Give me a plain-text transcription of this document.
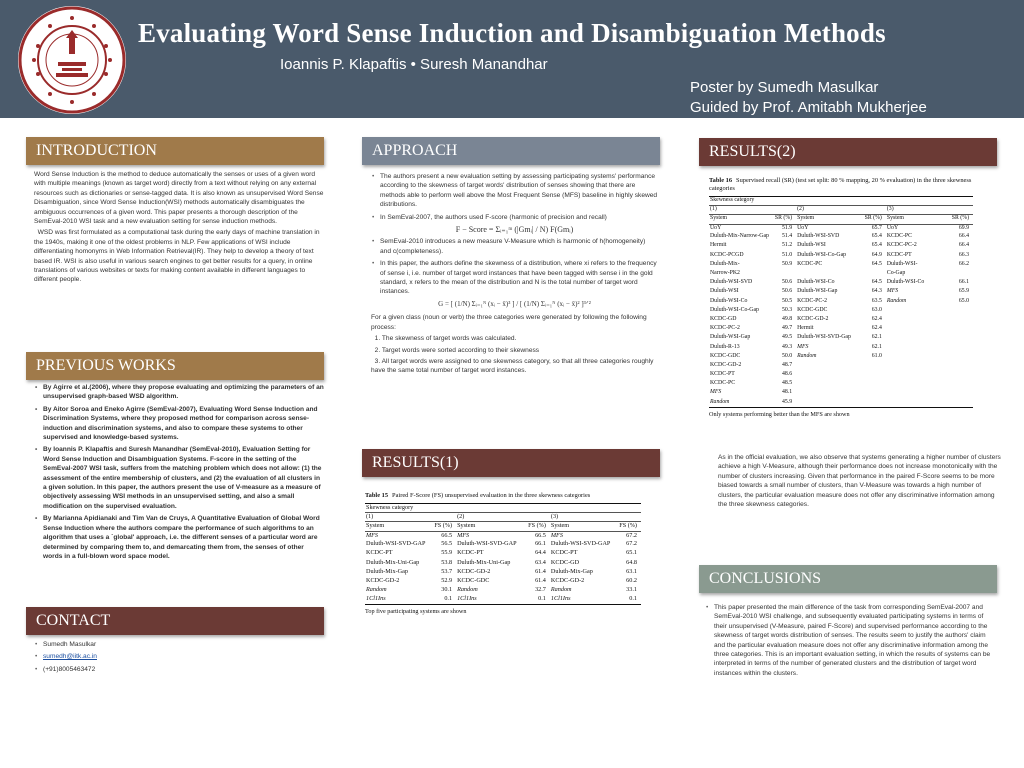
Evaluating Word Sense Induction and Disambiguation Methods
Ioannis P. Klapaftis • Suresh Manandhar
Poster by Sumedh Masulkar
Guided by Prof. Amitabh Mukherjee
INTRODUCTION

Word Sense Induction is the method to deduce automatically the senses or uses of a given word with multiple meanings (known as target word) directly from a text without relying on any external resources such as dictionaries or sense-tagged data. It is also known as unsupervised Word Sense Disambiguation, since Word Sense Induction(WSI) methods automatically disambiguates the ambiguous occurrences of a given word. This paper presents a thorough description of the SemEval-2010 WSI task and a new evaluation setting for sense induction methods.

WSD was first formulated as a computational task during the early days of machine translation in the 1940s, making it one of the oldest problems in NLP. Few applications of WSI include differentiating homonyms in Web Information Retrieval(IR). They help to develop a theory of text based IR. WSI is also useful in various search engines to get better results for a query, in online translations of various websites or texts for making content available in different languages to different people.

PREVIOUS WORKS
• By Agirre et al.(2006), where they propose evaluating and optimizing the parameters of an unsupervised graph-based WSD algorithm.
• By Aitor Soroa and Eneko Agirre (SemEval-2007), Evaluating Word Sense Induction and Discrimination Systems, where they proposed method for comparison across sense-induction and discrimination systems, and also to compare these systems to other supervised and knowledge-based systems.
• By Ioannis P. Klapaftis and Suresh Manandhar (SemEval-2010), Evaluation Setting for Word Sense Induction and Disambiguation Systems. F-score in the setting of the SemEval-2007 WSI task, suffers from the matching problem which does not allow: (1) the assessment of the entire membership of clusters, and (2) the evaluation of all clusters in a given solution. In this paper, the authors present the use of V-measure as a measure of objectively assessing WSI methods in an unsupervised setting, and also a small modification on the supervised evaluation.
• By Marianna Apidianaki and Tim Van de Cruys, A Quantitative Evaluation of Global Word Sense Induction where the authors compare the performance of such algorithms to an algorithm that uses a `global' approach, i.e. the different senses of a particular word are determined by comparing them to, and demarcating them from, the senses of other words in a full-blown word space model.
CONTACT
• Sumedh Masulkar
• sumedh@iitk.ac.in
• (+91)8005463472
APPROACH
• The authors present a new evaluation setting by assessing participating systems' performance according to the skewness of target words' distribution of senses showing that there are methods able to perform well above the Most Frequent Sense (MFS) baseline in highly skewed distributions.
• In SemEval-2007, the authors used F-score (harmonic of precision and recall)
F − Score = Σᵢ₌₁ᵐ (|Gmᵢ| / N) F(Gmᵢ)
• SemEval-2010 introduces a new measure V-Measure which is harmonic of h(homogeneity) and c(completeness).
• In this paper, the authors define the skewness of a distribution, where xi refers to the frequency of sense i, i.e. number of target word instances that have been tagged with sense i in the gold standard, x refers to the mean of the distribution and N is the total number of target word instances.
G = [ (1/N) Σᵢ₌₁ᴺ (xᵢ − x̄)³ ] / [ (1/N) Σᵢ₌₁ᴺ (xᵢ − x̄)² ]³ᐟ²

For a given class (noun or verb) the three categories were generated by following the following process:

1. The skewness of target words was calculated.

2. Target words were sorted according to their skewness

3. All target words were assigned to one skewness category, so that all three categories roughly have the same total number of target word instances.

RESULTS(1)
Table 15 Paired F-Score (FS) unsupervised evaluation in the three skewness categories
Skewness category					
(1)		(2)		(3)	
System	FS (%)	System	FS (%)	System	FS (%)
MFS	66.5	MFS	66.5	MFS	67.2
Duluth-WSI-SVD-GAP	56.5	Duluth-WSI-SVD-GAP	66.1	Duluth-WSI-SVD-GAP	67.2
KCDC-PT	55.9	KCDC-PT	64.4	KCDC-PT	65.1
Duluth-Mix-Uni-Gap	53.8	Duluth-Mix-Uni-Gap	63.4	KCDC-GD	64.8
Duluth-Mix-Gap	53.7	KCDC-GD-2	61.4	Duluth-Mix-Gap	63.1
KCDC-GD-2	52.9	KCDC-GDC	61.4	KCDC-GD-2	60.2
Random	30.1	Random	32.7	Random	33.1
1Cl1Ins	0.1	1Cl1Ins	0.1	1Cl1Ins	0.1
Top five participating systems are shown
RESULTS(2)
Table 16 Supervised recall (SR) (test set split: 80 % mapping, 20 % evaluation) in the three skewness categories
Skewness category					
(1)		(2)		(3)	
System	SR (%)	System	SR (%)	System	SR (%)
UoY	51.9	UoY	65.7	UoY	69.9
Duluth-Mix-Narrow-Gap	51.4	Duluth-WSI-SVD	65.4	KCDC-PC	66.4
Hermit	51.2	Duluth-WSI	65.4	KCDC-PC-2	66.4
KCDC-PCGD	51.0	Duluth-WSI-Co-Gap	64.9	KCDC-PT	66.3
Duluth-Mix-	50.9	KCDC-PC	64.5	Duluth-WSI-	66.2
Narrow-PK2				Co-Gap	
Duluth-WSI-SVD	50.6	Duluth-WSI-Co	64.5	Duluth-WSI-Co	66.1
Duluth-WSI	50.6	Duluth-WSI-Gap	64.3	MFS	65.9
Duluth-WSI-Co	50.5	KCDC-PC-2	63.5	Random	65.0
Duluth-WSI-Co-Gap	50.3	KCDC-GDC	63.0		
KCDC-GD	49.8	KCDC-GD-2	62.4		
KCDC-PC-2	49.7	Hermit	62.4		
Duluth-WSI-Gap	49.5	Duluth-WSI-SVD-Gap	62.1		
Duluth-R-13	49.3	MFS	62.1		
KCDC-GDC	50.0	Random	61.0		
KCDC-GD-2	48.7				
KCDC-PT	48.6				
KCDC-PC	48.5				
MFS	48.1				
Random	45.9				
Only systems performing better than the MFS are shown

As in the official evaluation, we also observe that systems generating a higher number of clusters achieve a high V-Measure, although their performance does not increase monotonically with the number of clusters increasing. Given that performance in the paired F-Score seems to be more biased towards a small number of clusters, than V-Measure was towards a high number of clusters, the particular evaluation measure does not offer any discriminative information among the three skewness categories.

CONCLUSIONS
• This paper presented the main difference of the task from corresponding SemEval-2007 and SemEval-2010 WSI challenge, and subsequently evaluated participating systems in terms of their unsupervised (V-Measure, paired F-Score) and supervised performance according to the skewness of target words distribution of senses. The results seem to justify the authors' claim and the particular evaluation measure does not offer any discriminative information among the three categories. This is an important evaluation setting, in which the results of systems can be interpreted in terms of the number of generated clusters and the distribution of target word instances within the clusters.
